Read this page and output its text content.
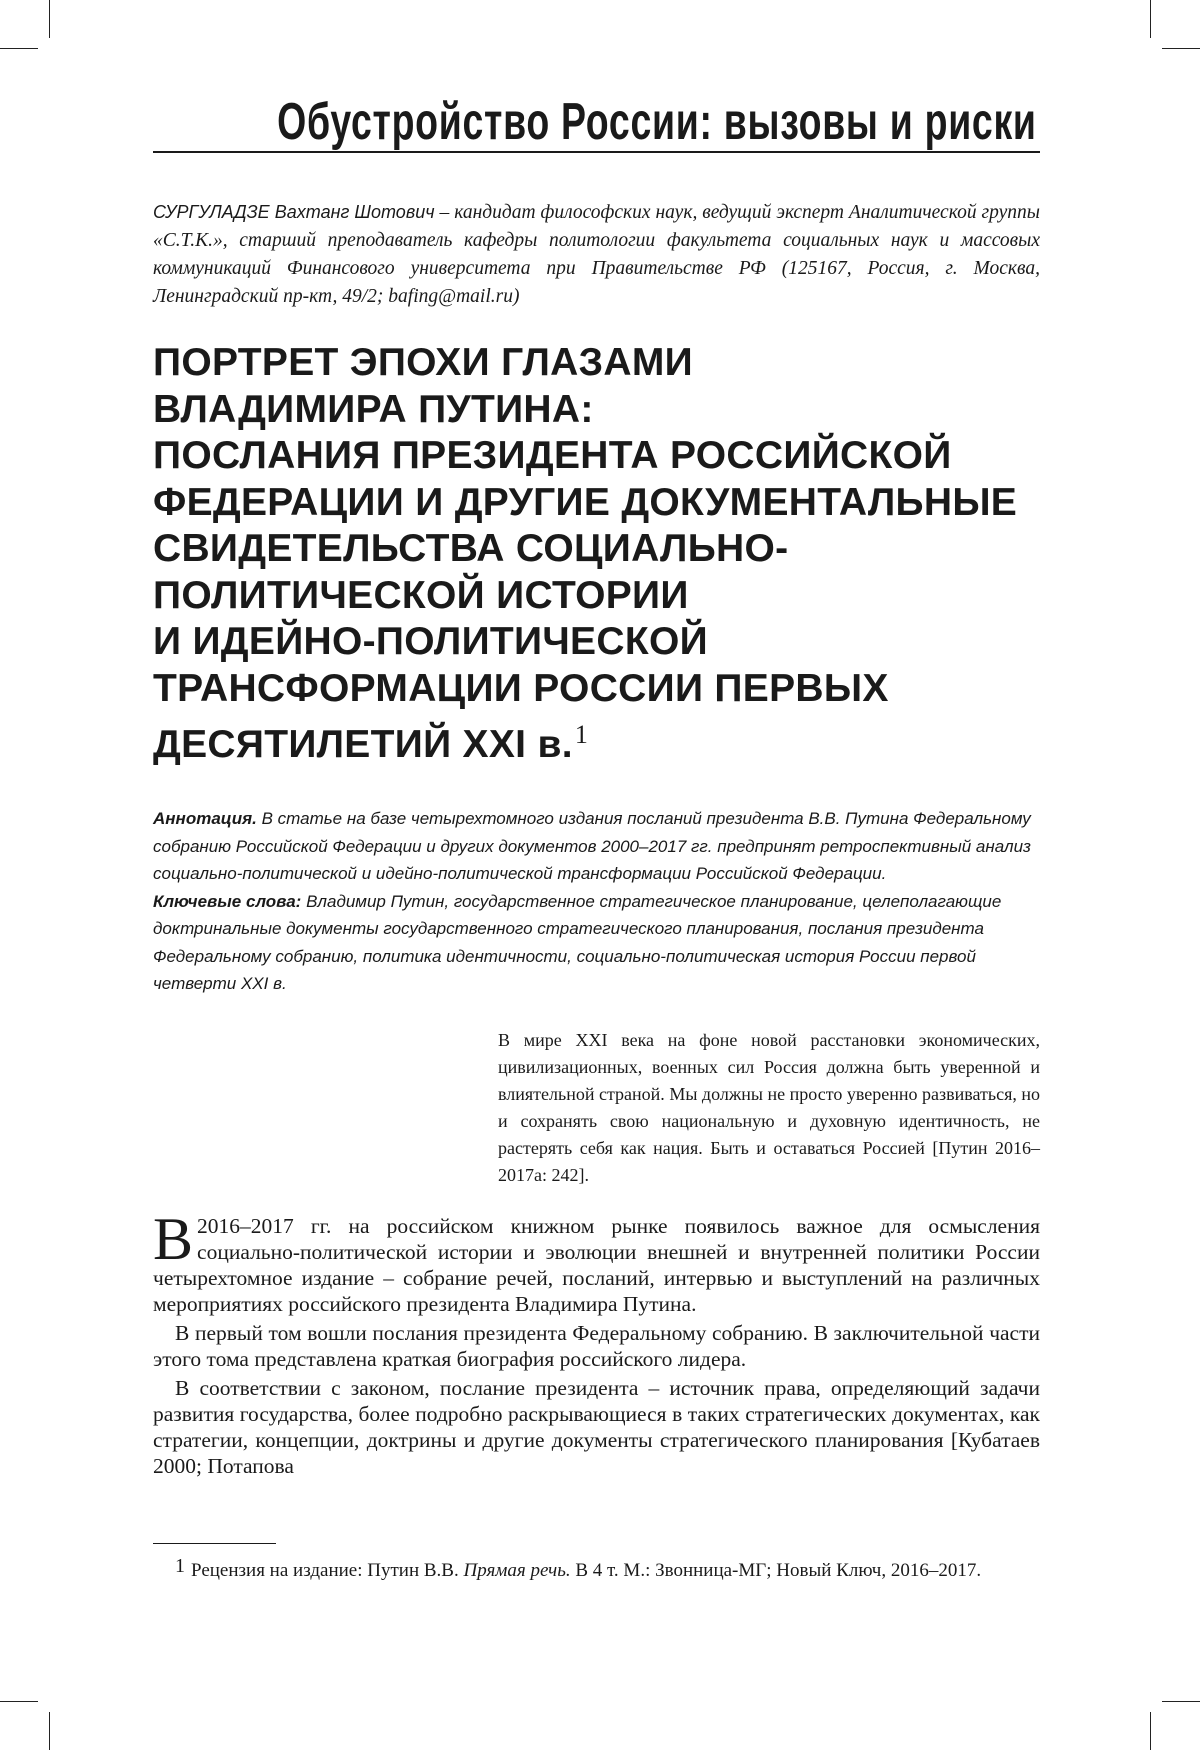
Обустройство России: вызовы и риски
СУРГУЛАДЗЕ Вахтанг Шотович – кандидат философских наук, ведущий эксперт Аналитической группы «С.Т.К.», старший преподаватель кафедры политологии факультета социальных наук и массовых коммуникаций Финансового университета при Правительстве РФ (125167, Россия, г. Москва, Ленинградский пр-кт, 49/2; bafing@mail.ru)
ПОРТРЕТ ЭПОХИ ГЛАЗАМИ
ВЛАДИМИРА ПУТИНА:
ПОСЛАНИЯ ПРЕЗИДЕНТА РОССИЙСКОЙ
ФЕДЕРАЦИИ И ДРУГИЕ ДОКУМЕНТАЛЬНЫЕ
СВИДЕТЕЛЬСТВА СОЦИАЛЬНО-
ПОЛИТИЧЕСКОЙ ИСТОРИИ
И ИДЕЙНО-ПОЛИТИЧЕСКОЙ
ТРАНСФОРМАЦИИ РОССИИ ПЕРВЫХ
ДЕСЯТИЛЕТИЙ XXI в.1
Аннотация. В статье на базе четырехтомного издания посланий президента В.В. Путина Федеральному собранию Российской Федерации и других документов 2000–2017 гг. предпринят ретроспективный анализ социально-политической и идейно-политической трансформации Российской Федерации.
Ключевые слова: Владимир Путин, государственное стратегическое планирование, целеполагающие доктринальные документы государственного стратегического планирования, послания президента Федеральному собранию, политика идентичности, социально-политическая история России первой четверти XXI в.
В мире XXI века на фоне новой расстановки экономических, цивилизационных, военных сил Россия должна быть уверенной и влиятельной страной. Мы должны не просто уверенно развиваться, но и сохранять свою национальную и духовную идентичность, не растерять себя как нация. Быть и оставаться Россией [Путин 2016–2017а: 242].

В 2016–2017 гг. на российском книжном рынке появилось важное для осмысления социально-политической истории и эволюции внешней и внутренней политики России четырехтомное издание – собрание речей, посланий, интервью и выступлений на различных мероприятиях российского президента Владимира Путина.

В первый том вошли послания президента Федеральному собранию. В заключительной части этого тома представлена краткая биография российского лидера.

В соответствии с законом, послание президента – источник права, определяющий задачи развития государства, более подробно раскрывающиеся в таких стратегических документах, как стратегии, концепции, доктрины и другие документы стратегического планирования [Кубатаев 2000; Потапова

1 Рецензия на издание: Путин В.В. Прямая речь. В 4 т. М.: Звонница-МГ; Новый Ключ, 2016–2017.
